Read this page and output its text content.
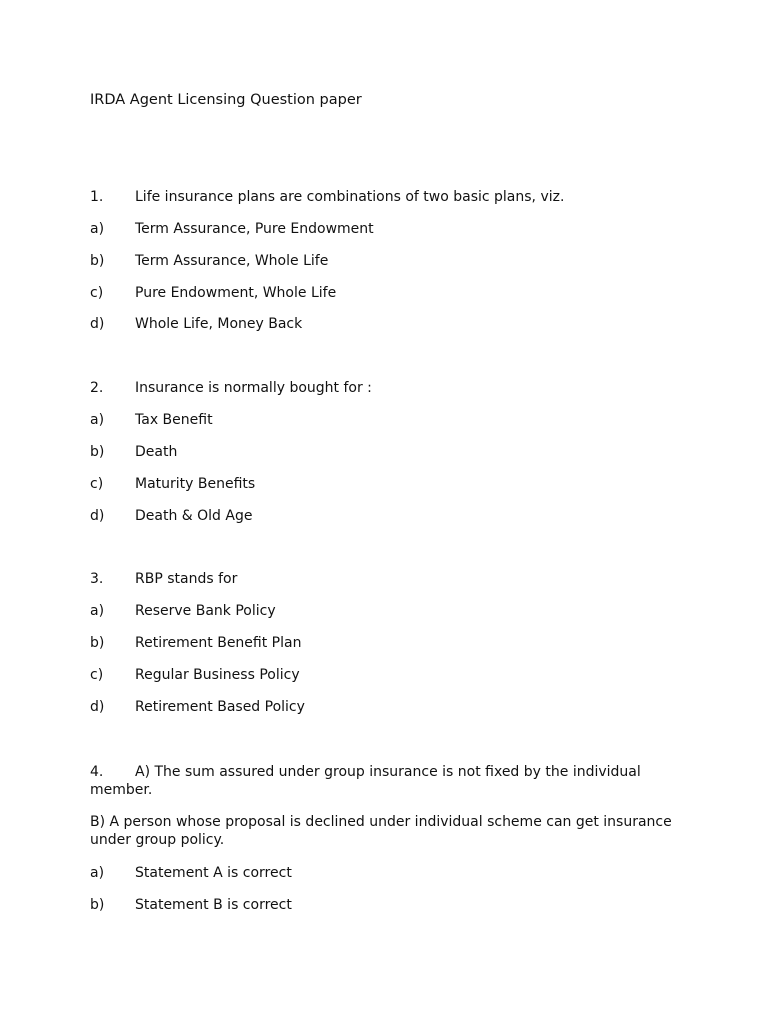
IRDA Agent Licensing Question paper
1. Life insurance plans are combinations of two basic plans, viz.
a) Term Assurance, Pure Endowment
b) Term Assurance, Whole Life
c) Pure Endowment, Whole Life
d) Whole Life, Money Back
2. Insurance is normally bought for :
a) Tax Benefit
b) Death
c) Maturity Benefits
d) Death & Old Age
3. RBP stands for
a) Reserve Bank Policy
b) Retirement Benefit Plan
c) Regular Business Policy
d) Retirement Based Policy

4. A) The sum assured under group insurance is not fixed by the individual member.

B) A person whose proposal is declined under individual scheme can get insurance under group policy.

a) Statement A is correct
b) Statement B is correct
